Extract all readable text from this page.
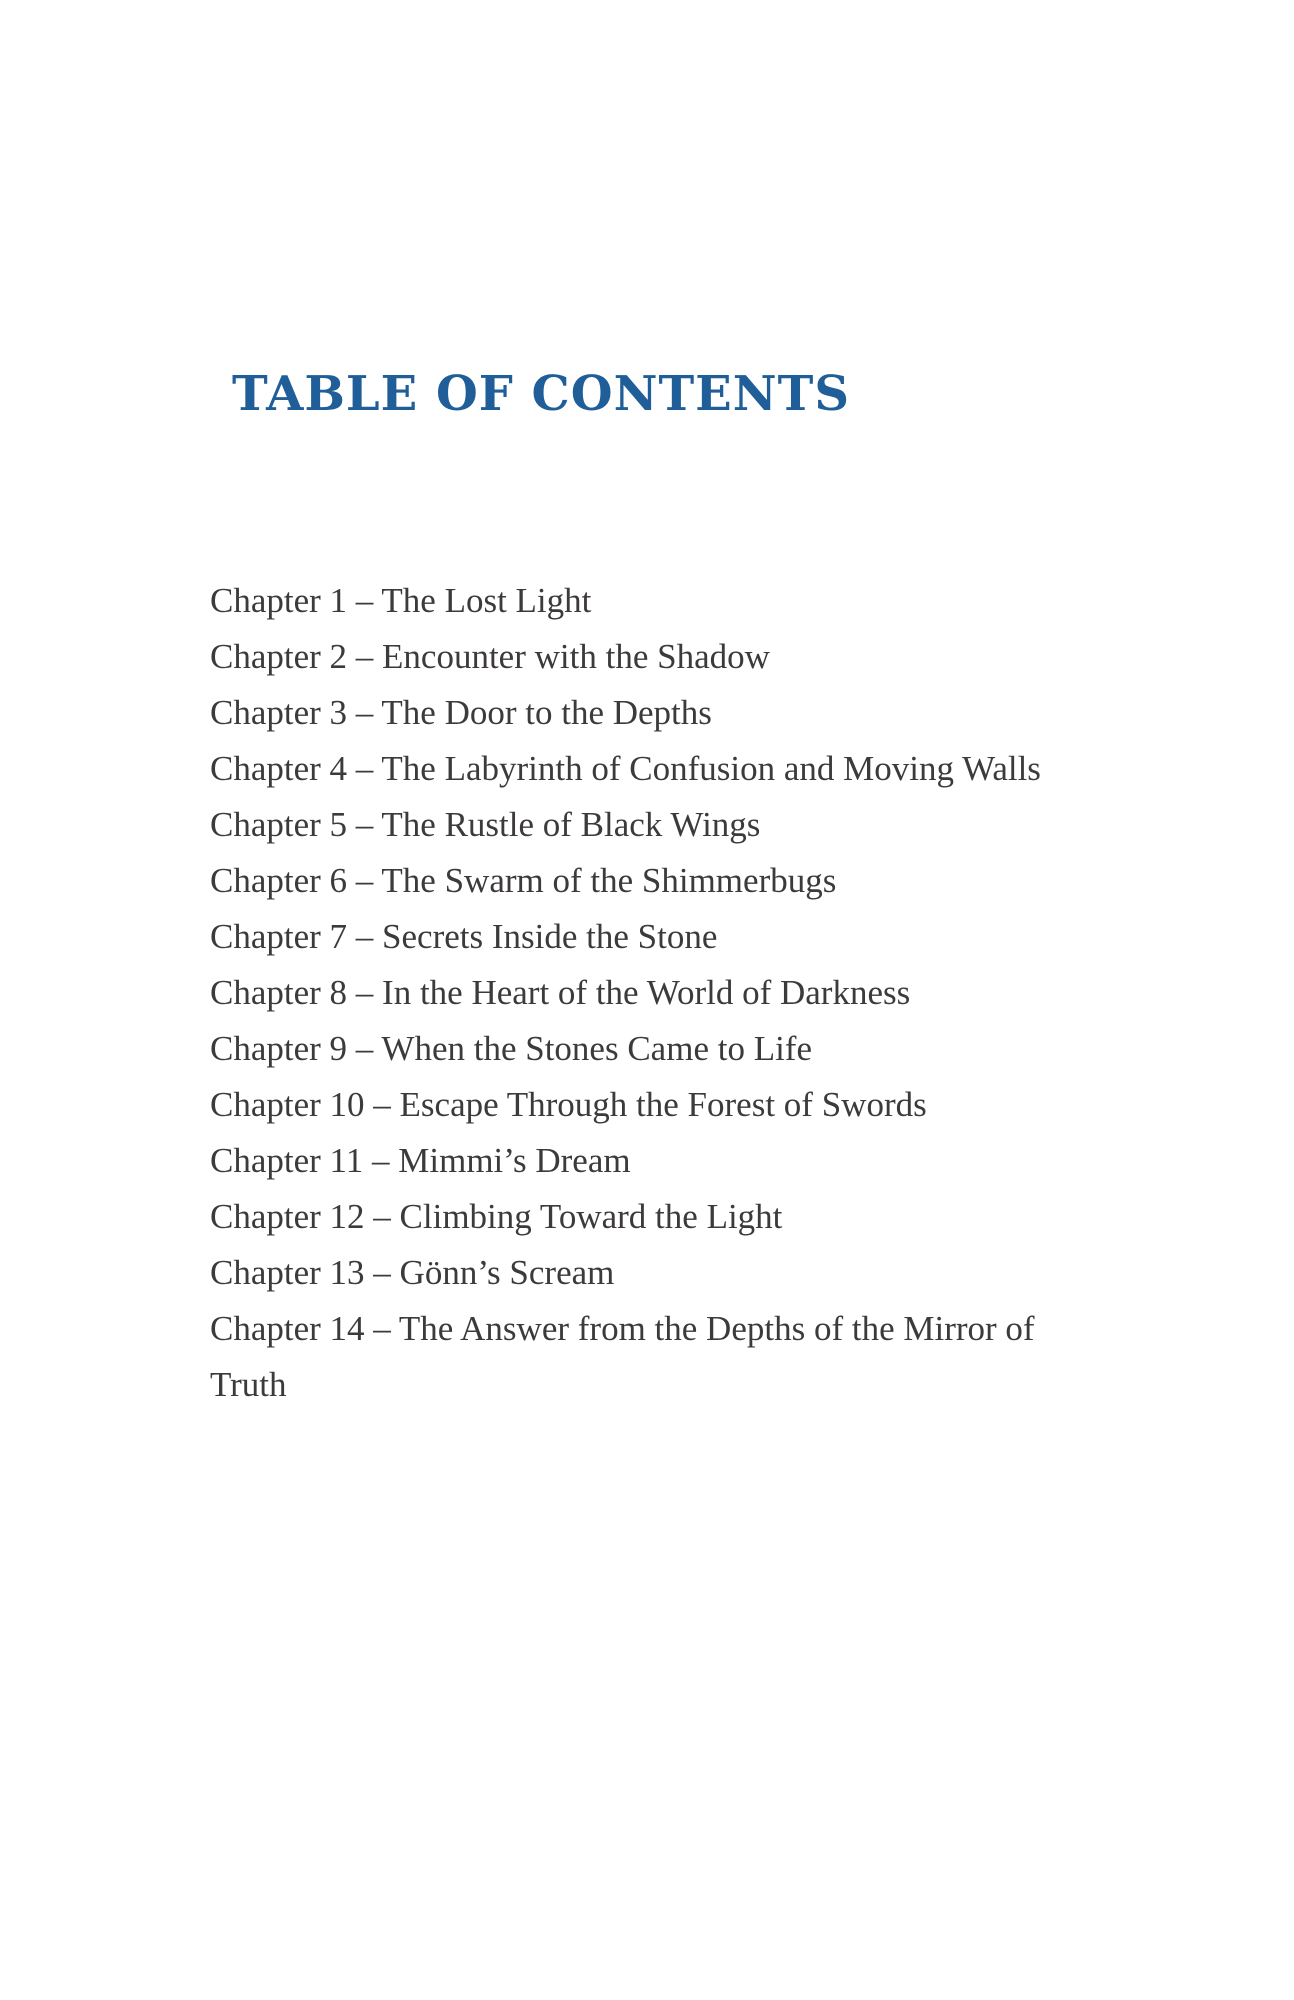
TABLE OF CONTENTS
Chapter 1 – The Lost Light
Chapter 2 – Encounter with the Shadow
Chapter 3 – The Door to the Depths
Chapter 4 – The Labyrinth of Confusion and Moving Walls
Chapter 5 – The Rustle of Black Wings
Chapter 6 – The Swarm of the Shimmerbugs
Chapter 7 – Secrets Inside the Stone
Chapter 8 – In the Heart of the World of Darkness
Chapter 9 – When the Stones Came to Life
Chapter 10 – Escape Through the Forest of Swords
Chapter 11 – Mimmi’s Dream
Chapter 12 – Climbing Toward the Light
Chapter 13 – Gönn’s Scream
Chapter 14 – The Answer from the Depths of the Mirror of Truth
